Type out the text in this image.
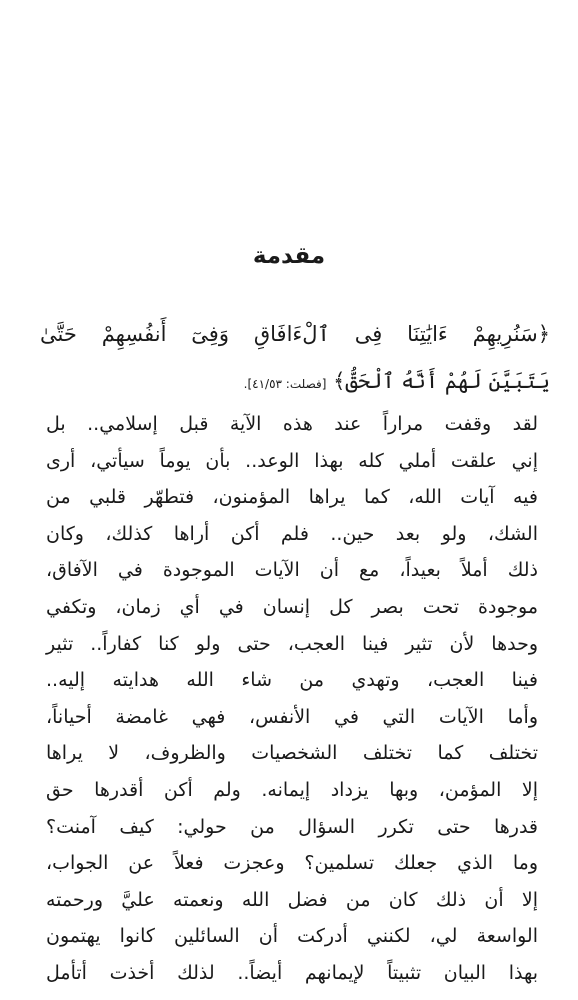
مقدمة
﴿سَنُرِيهِمْ ءَايَٰتِنَا فِى ٱلْءَافَاقِ وَفِىٓ أَنفُسِهِمْ حَتَّىٰ
يَتَبَيَّنَ لَهُمْ أَنَّهُ ٱلْحَقُّ﴾ [فصلت: ٤١/٥٣].
لقد وقفت مراراً عند هذه الآية قبل إسلامي.. بل
إني علقت أملي كله بهذا الوعد.. بأن يوماً سيأتي، أرى
فيه آيات الله، كما يراها المؤمنون، فتطهّر قلبي من
الشك، ولو بعد حين.. فلم أكن أراها كذلك، وكان
ذلك أملاً بعيداً، مع أن الآيات الموجودة في الآفاق،
موجودة تحت بصر كل إنسان في أي زمان، وتكفي
وحدها لأن تثير فينا العجب، حتى ولو كنا كفاراً.. تثير
فينا العجب، وتهدي من شاء الله هدايته إليه..
وأما الآيات التي في الأنفس، فهي غامضة أحياناً،
تختلف كما تختلف الشخصيات والظروف، لا يراها
إلا المؤمن، وبها يزداد إيمانه. ولم أكن أقدرها حق
قدرها حتى تكرر السؤال من حولي: كيف آمنت؟
وما الذي جعلك تسلمين؟ وعجزت فعلاً عن الجواب،
إلا أن ذلك كان من فضل الله ونعمته عليَّ ورحمته
الواسعة لي، لكنني أدركت أن السائلين كانوا يهتمون
بهذا البيان تثبيتاً لإيمانهم أيضاً.. لذلك أخذت أتأمل
